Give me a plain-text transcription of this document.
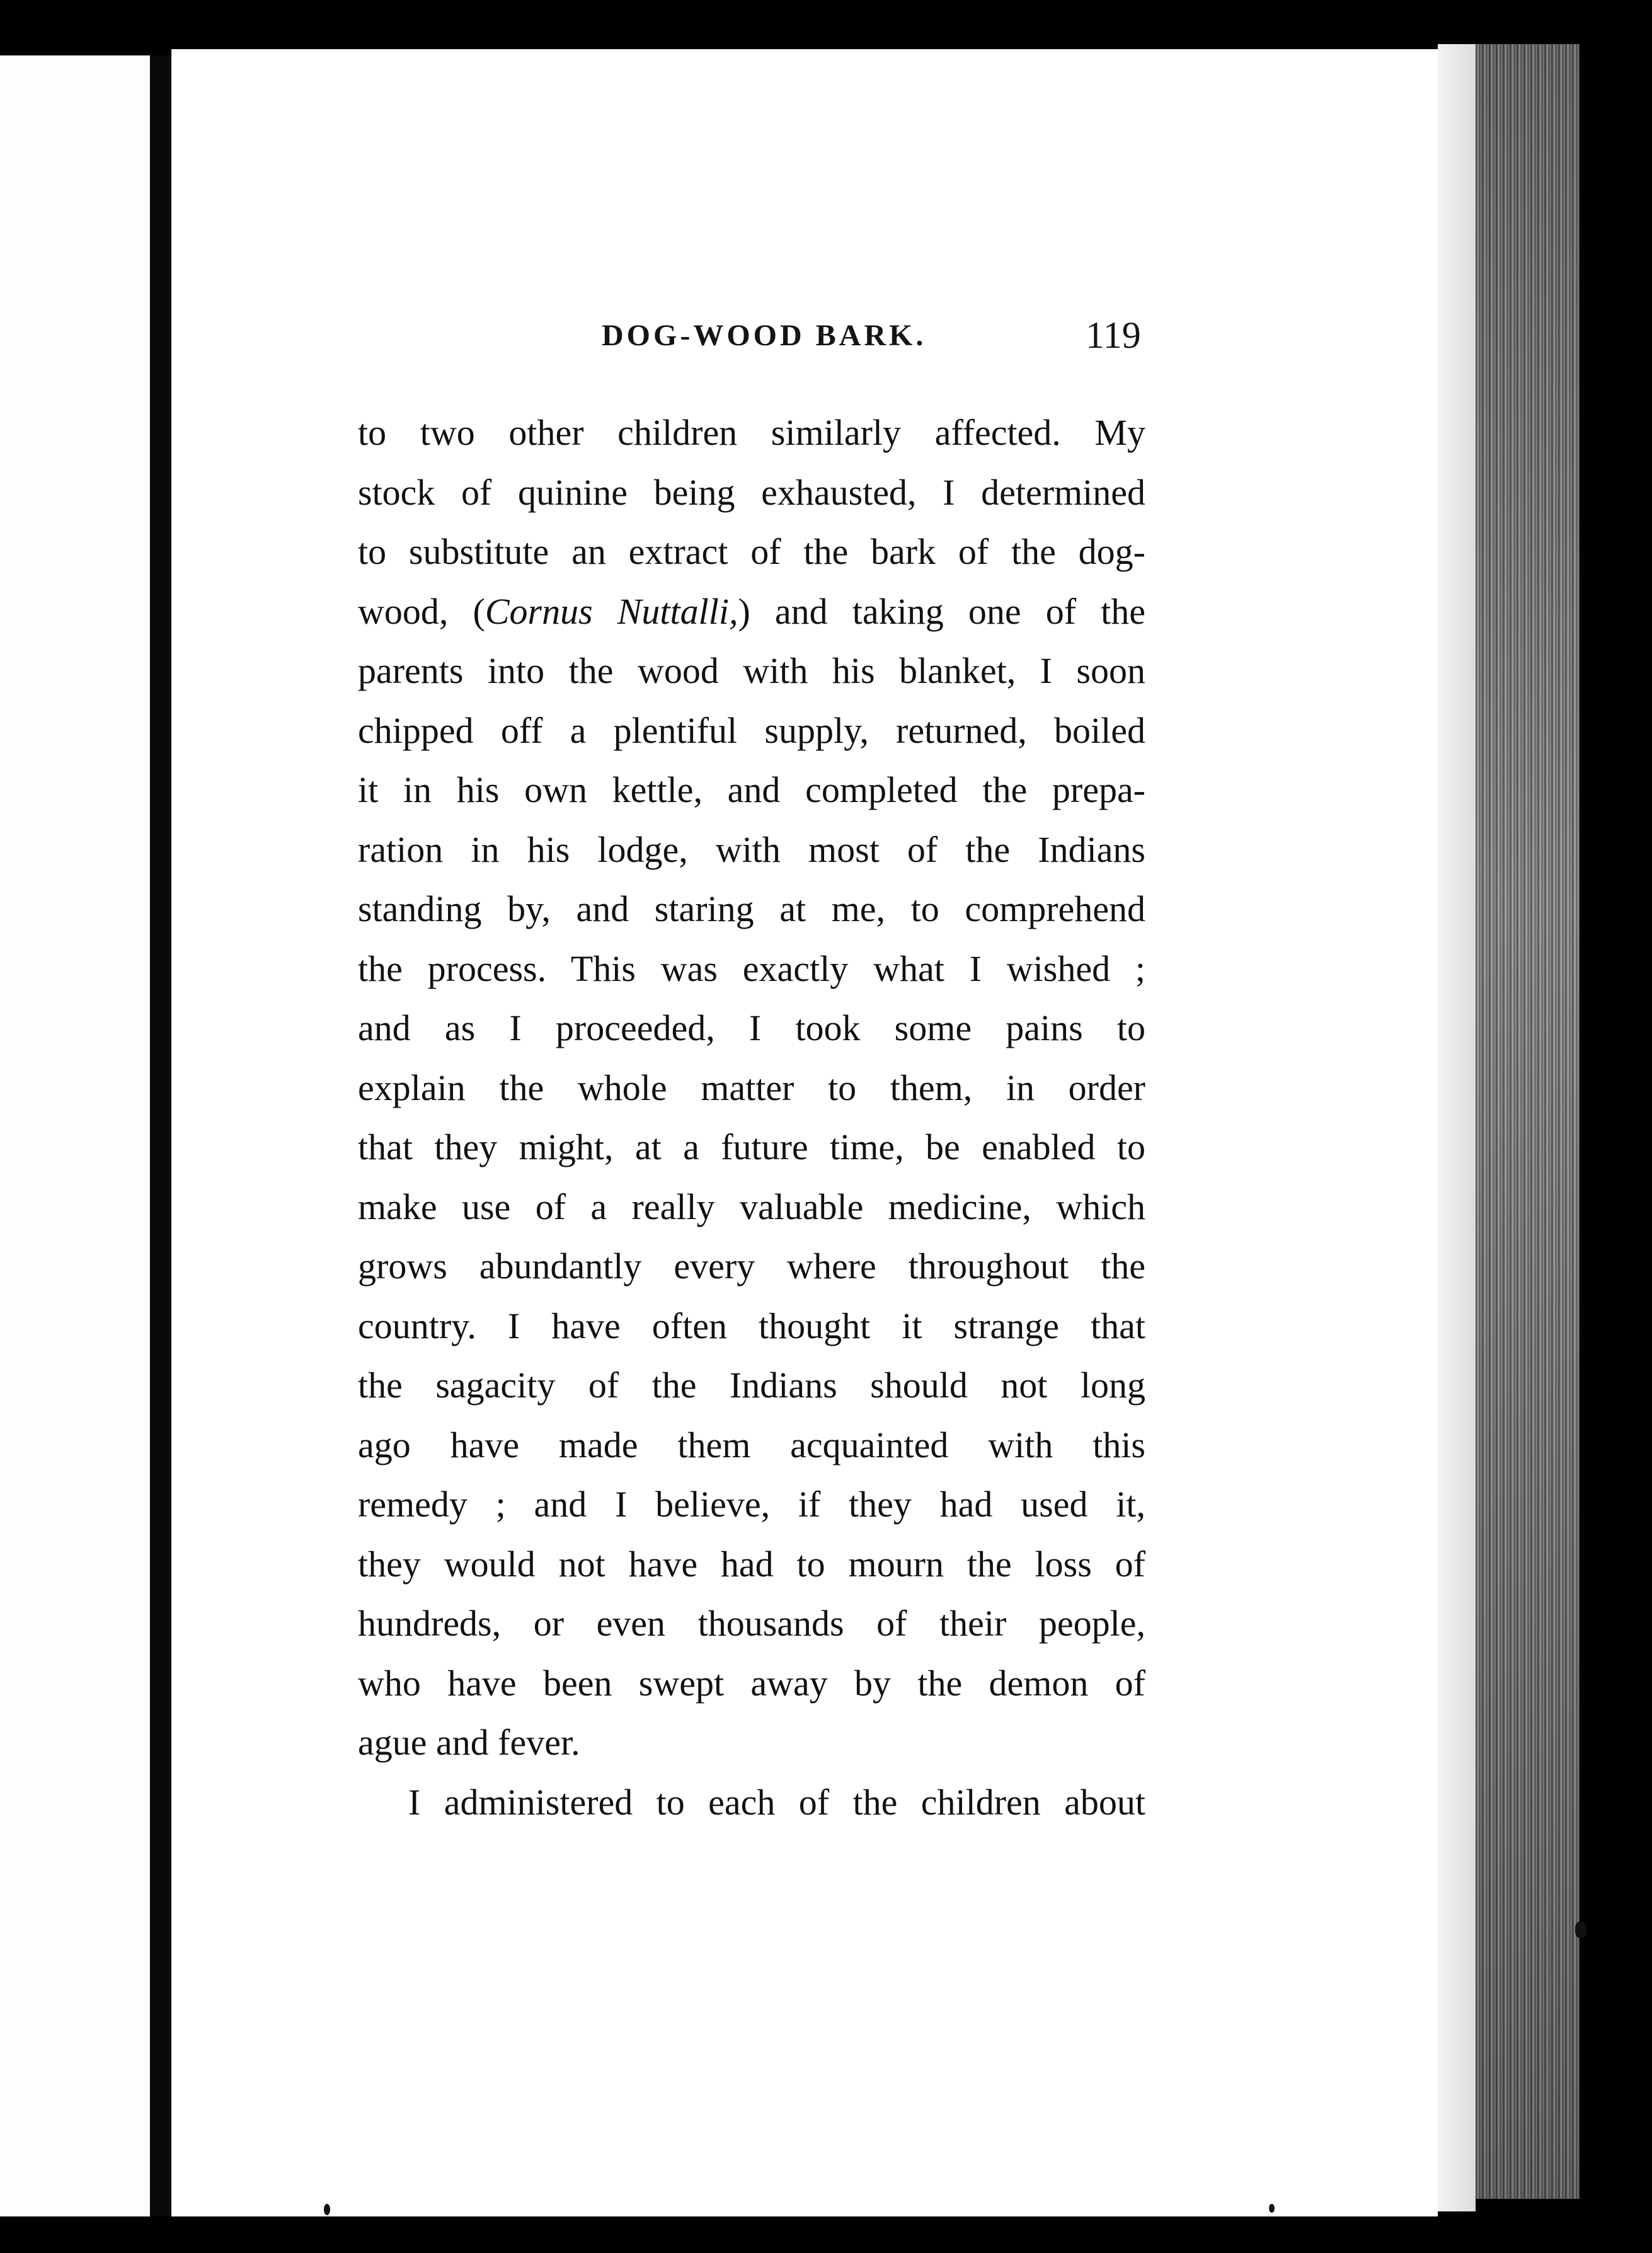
DOG-WOOD BARK.	119
to two other children similarly affected. My
stock of quinine being exhausted, I determined
to substitute an extract of the bark of the dog-
wood, (Cornus Nuttalli,) and taking one of the
parents into the wood with his blanket, I soon
chipped off a plentiful supply, returned, boiled
it in his own kettle, and completed the prepa-
ration in his lodge, with most of the Indians
standing by, and staring at me, to comprehend
the process. This was exactly what I wished ;
and as I proceeded, I took some pains to
explain the whole matter to them, in order
that they might, at a future time, be enabled to
make use of a really valuable medicine, which
grows abundantly every where throughout the
country. I have often thought it strange that
the sagacity of the Indians should not long
ago have made them acquainted with this
remedy ; and I believe, if they had used it,
they would not have had to mourn the loss of
hundreds, or even thousands of their people,
who have been swept away by the demon of
ague and fever.
I administered to each of the children about
